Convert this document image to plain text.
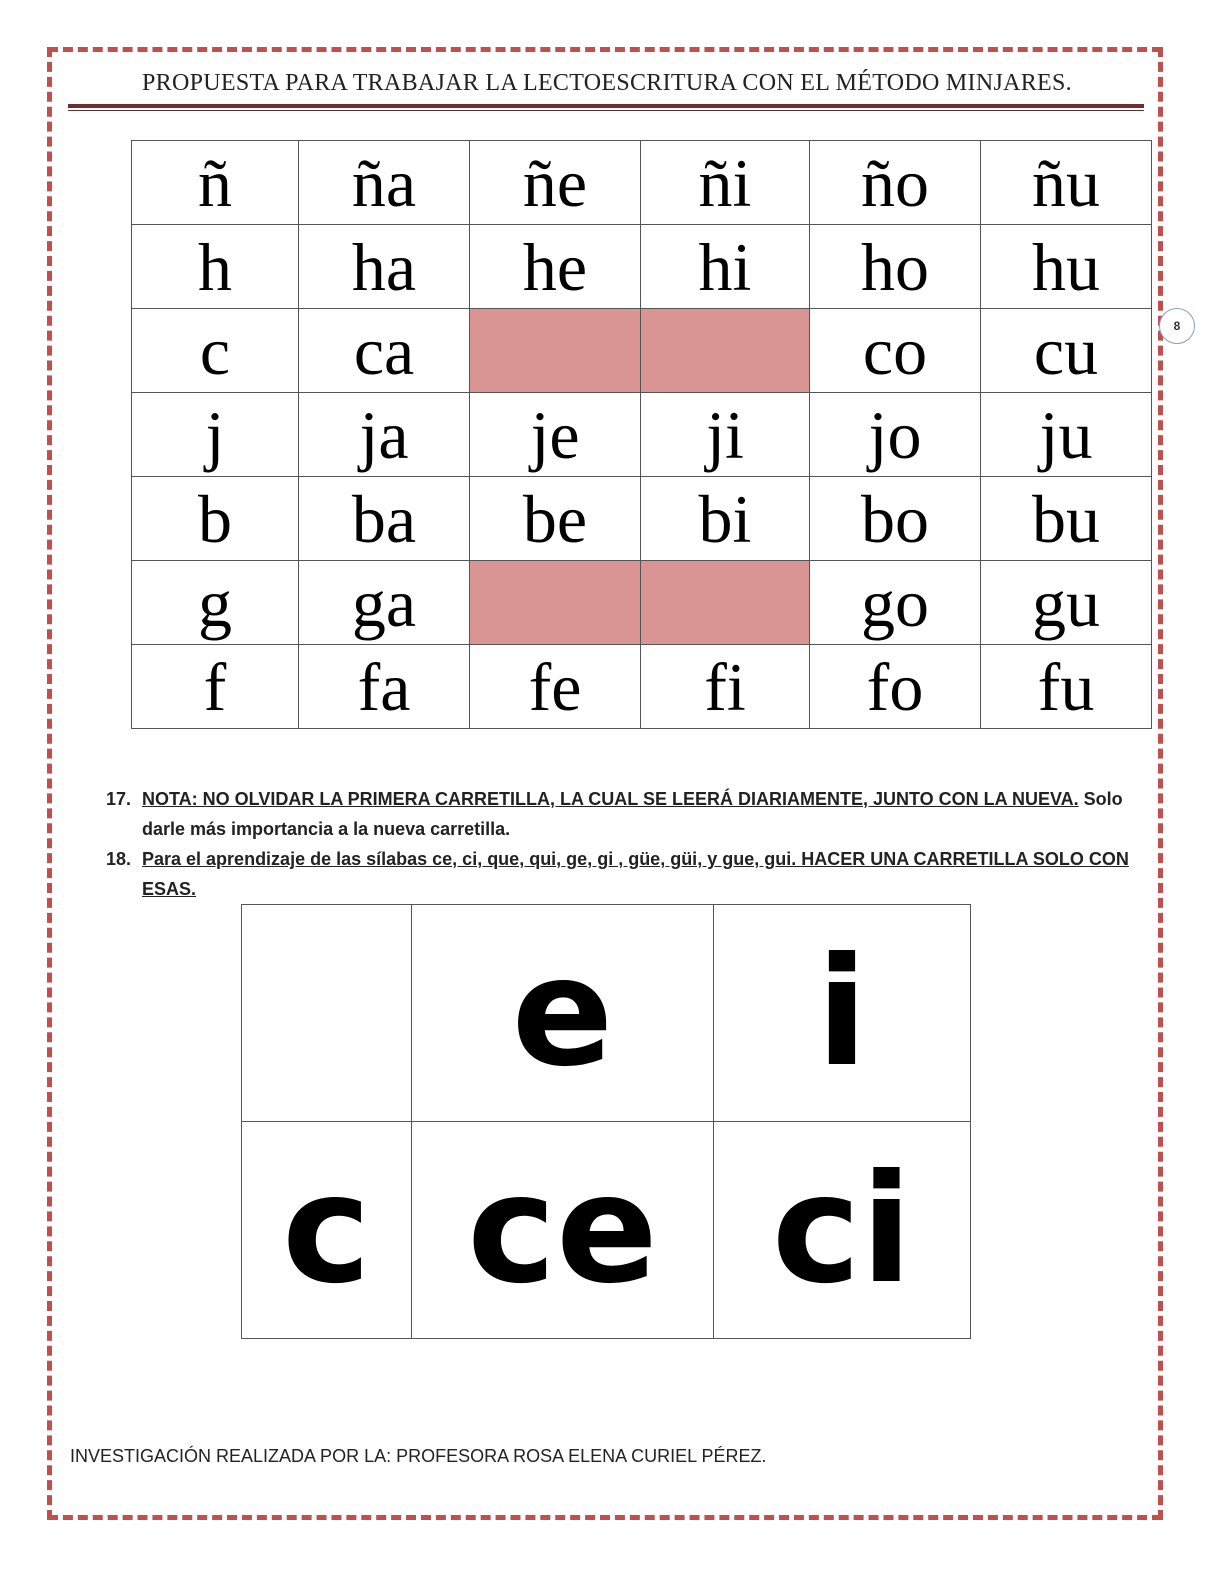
PROPUESTA PARA TRABAJAR LA LECTOESCRITURA CON EL MÉTODO MINJARES.
8
ñ	ña	ñe	ñi	ño	ñu
h	ha	he	hi	ho	hu
c	ca			co	cu
j	ja	je	ji	jo	ju
b	ba	be	bi	bo	bu
g	ga			go	gu
f	fa	fe	fi	fo	fu
17. NOTA: NO OLVIDAR LA PRIMERA CARRETILLA, LA CUAL SE LEERÁ DIARIAMENTE, JUNTO CON LA NUEVA. Solo darle más importancia a la nueva carretilla.
18. Para el aprendizaje de las sílabas ce, ci, que, qui, ge, gi , güe, güi, y gue, gui. HACER UNA CARRETILLA SOLO CON ESAS.
	e	i
c	ce	ci
INVESTIGACIÓN REALIZADA POR LA: PROFESORA ROSA ELENA CURIEL PÉREZ.
